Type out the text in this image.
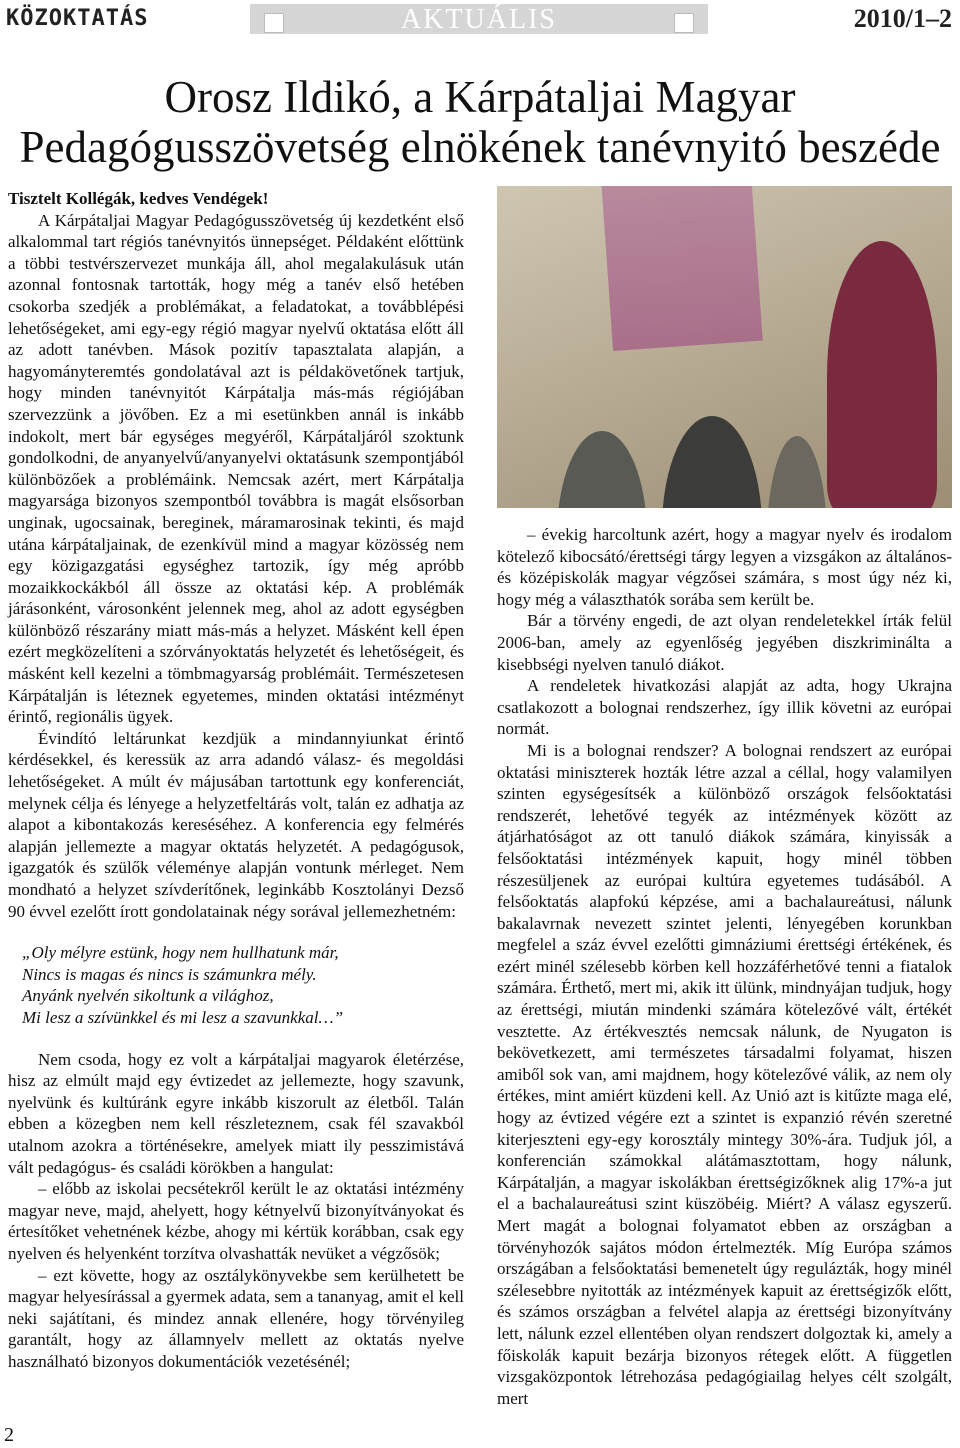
KÖZOKTATÁS	AKTUÁLIS	2010/1–2
Orosz Ildikó, a Kárpátaljai Magyar
Pedagógusszövetség elnökének tanévnyitó beszéde

Tisztelt Kollégák, kedves Vendégek!

A Kárpátaljai Magyar Pedagógusszövetség új kezdetként első alkalommal tart régiós tanévnyitós ünnepséget. Példaként előttünk a többi testvérszervezet munkája áll, ahol megalakulásuk után azonnal fontosnak tartották, hogy még a tanév első hetében csokorba szedjék a problémákat, a feladatokat, a továbblépési lehetőségeket, ami egy-egy régió magyar nyelvű oktatása előtt áll az adott tanévben. Mások pozitív tapasztalata alapján, a hagyományteremtés gondolatával azt is példakövetőnek tartjuk, hogy minden tanévnyitót Kárpátalja más-más régiójában szervezzünk a jövőben. Ez a mi esetünkben annál is inkább indokolt, mert bár egységes megyéről, Kárpátaljáról szoktunk gondolkodni, de anyanyelvű/anyanyelvi oktatásunk szempontjából különbözőek a problémáink. Nemcsak azért, mert Kárpátalja magyarsága bizonyos szempontból továbbra is magát elsősorban unginak, ugocsainak, bereginek, máramarosinak tekinti, és majd utána kárpátaljainak, de ezenkívül mind a magyar közösség nem egy közigazgatási egységhez tartozik, így még apróbb mozaikkockákból áll össze az oktatási kép. A problémák járásonként, városonként jelennek meg, ahol az adott egységben különböző részarány miatt más-más a helyzet. Másként kell épen ezért megközelíteni a szórványoktatás helyzetét és lehetőségeit, és másként kell kezelni a tömbmagyarság problémáit. Természetesen Kárpátalján is léteznek egyetemes, minden oktatási intézményt érintő, regionális ügyek.

Évindító leltárunkat kezdjük a mindannyiunkat érintő kérdésekkel, és keressük az arra adandó válasz- és megoldási lehetőségeket. A múlt év májusában tartottunk egy konferenciát, melynek célja és lényege a helyzetfeltárás volt, talán ez adhatja az alapot a kibontakozás kereséséhez. A konferencia egy felmérés alapján jellemezte a magyar oktatás helyzetét. A pedagógusok, igazgatók és szülők véleménye alapján vontunk mérleget. Nem mondható a helyzet szívderítőnek, leginkább Kosztolányi Dezső 90 évvel ezelőtt írott gondolatainak négy sorával jellemezhetném:

„Oly mélyre estünk, hogy nem hullhatunk már,
Nincs is magas és nincs is számunkra mély.
Anyánk nyelvén sikoltunk a világhoz,
Mi lesz a szívünkkel és mi lesz a szavunkkal…”

Nem csoda, hogy ez volt a kárpátaljai magyarok életérzése, hisz az elmúlt majd egy évtizedet az jellemezte, hogy szavunk, nyelvünk és kultúránk egyre inkább kiszorult az életből. Talán ebben a közegben nem kell részleteznem, csak fél szavakból utalnom azokra a történésekre, amelyek miatt ily pesszimistává vált pedagógus- és családi körökben a hangulat:

– előbb az iskolai pecsétekről került le az oktatási intézmény magyar neve, majd, ahelyett, hogy kétnyelvű bizonyítványokat és értesítőket vehetnének kézbe, ahogy mi kértük korábban, csak egy nyelven és helyenként torzítva olvashatták nevüket a végzősök;

– ezt követte, hogy az osztálykönyvekbe sem kerülhetett be magyar helyesírással a gyermek adata, sem a tananyag, amit el kell neki sajátítani, és mindez annak ellenére, hogy törvényileg garantált, hogy az államnyelv mellett az oktatás nyelve használható bizonyos dokumentációk vezetésénél;

– évekig harcoltunk azért, hogy a magyar nyelv és irodalom kötelező kibocsátó/érettségi tárgy legyen a vizsgákon az általános- és középiskolák magyar végzősei számára, s most úgy néz ki, hogy még a választhatók sorába sem került be.

Bár a törvény engedi, de azt olyan rendeletekkel írták felül 2006-ban, amely az egyenlőség jegyében diszkriminálta a kisebbségi nyelven tanuló diákot.

A rendeletek hivatkozási alapját az adta, hogy Ukrajna csatlakozott a bolognai rendszerhez, így illik követni az európai normát.

Mi is a bolognai rendszer? A bolognai rendszert az európai oktatási miniszterek hozták létre azzal a céllal, hogy valamilyen szinten egységesítsék a különböző országok felsőoktatási rendszerét, lehetővé tegyék az intézmények között az átjárhatóságot az ott tanuló diákok számára, kinyissák a felsőoktatási intézmények kapuit, hogy minél többen részesüljenek az európai kultúra egyetemes tudásából. A felsőoktatás alapfokú képzése, ami a bachalaureátusi, nálunk bakalavrnak nevezett szintet jelenti, lényegében korunkban megfelel a száz évvel ezelőtti gimnáziumi érettségi értékének, és ezért minél szélesebb körben kell hozzáférhetővé tenni a fiatalok számára. Érthető, mert mi, akik itt ülünk, mindnyájan tudjuk, hogy az érettségi, miután mindenki számára kötelezővé vált, értékét vesztette. Az értékvesztés nemcsak nálunk, de Nyugaton is bekövetkezett, ami természetes társadalmi folyamat, hiszen amiből sok van, ami majdnem, hogy kötelezővé válik, az nem oly értékes, mint amiért küzdeni kell. Az Unió azt is kitűzte maga elé, hogy az évtized végére ezt a szintet is expanzió révén szeretné kiterjeszteni egy-egy korosztály mintegy 30%-ára. Tudjuk jól, a konferencián számokkal alátámasztottam, hogy nálunk, Kárpátalján, a magyar iskolákban érettségizőknek alig 17%-a jut el a bachalaureátusi szint küszöbéig. Miért? A válasz egyszerű. Mert magát a bolognai folyamatot ebben az országban a törvényhozók sajátos módon értelmezték. Míg Európa számos országában a felsőoktatási bemenetelt úgy regulázták, hogy minél szélesebbre nyitották az intézmények kapuit az érettségizők előtt, és számos országban a felvétel alapja az érettségi bizonyítvány lett, nálunk ezzel ellentében olyan rendszert dolgoztak ki, amely a főiskolák kapuit bezárja bizonyos rétegek előtt. A független vizsgaközpontok létrehozása pedagógiailag helyes célt szolgált, mert

2
